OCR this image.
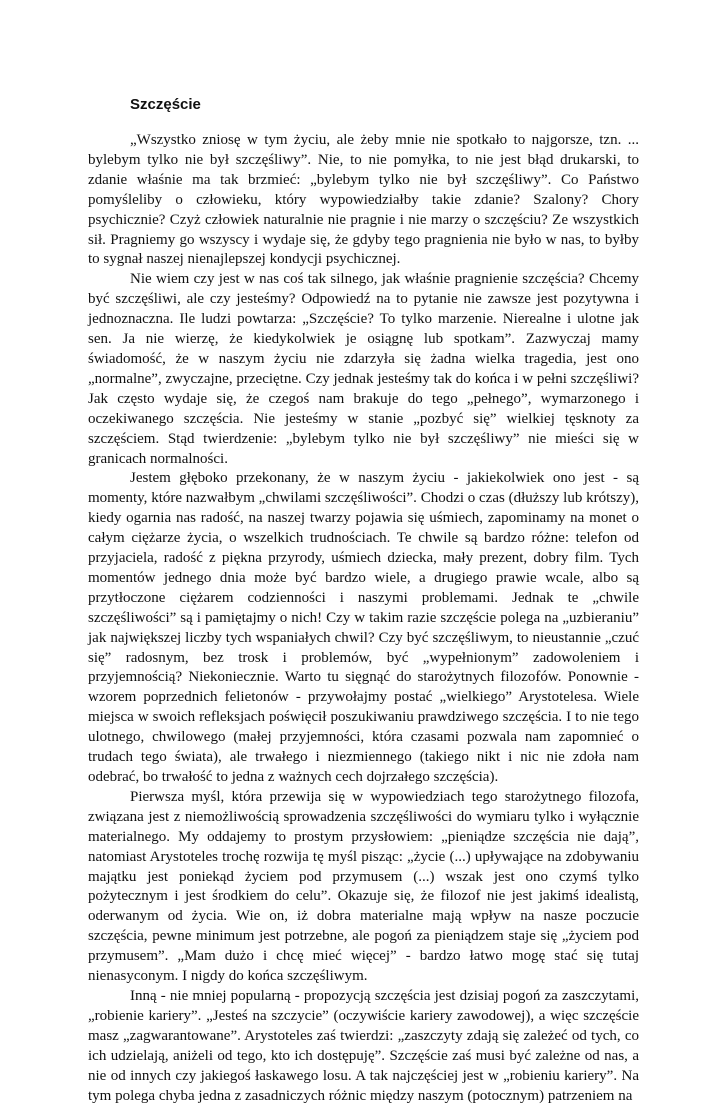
Szczęście

„Wszystko zniosę w tym życiu, ale żeby mnie nie spotkało to najgorsze, tzn. ... bylebym tylko nie był szczęśliwy”. Nie, to nie pomyłka, to nie jest błąd drukarski, to zdanie właśnie ma tak brzmieć: „bylebym tylko nie był szczęśliwy”. Co Państwo pomyśleliby o człowieku, który wypowiedziałby takie zdanie? Szalony? Chory psychicznie? Czyż człowiek naturalnie nie pragnie i nie marzy o szczęściu? Ze wszystkich sił. Pragniemy go wszyscy i wydaje się, że gdyby tego pragnienia nie było w nas, to byłby to sygnał naszej nienajlepszej kondycji psychicznej.

Nie wiem czy jest w nas coś tak silnego, jak właśnie pragnienie szczęścia? Chcemy być szczęśliwi, ale czy jesteśmy? Odpowiedź na to pytanie nie zawsze jest pozytywna i jednoznaczna. Ile ludzi powtarza: „Szczęście? To tylko marzenie. Nierealne i ulotne jak sen. Ja nie wierzę, że kiedykolwiek je osiągnę lub spotkam”. Zazwyczaj mamy świadomość, że w naszym życiu nie zdarzyła się żadna wielka tragedia, jest ono „normalne”, zwyczajne, przeciętne. Czy jednak jesteśmy tak do końca i w pełni szczęśliwi? Jak często wydaje się, że czegoś nam brakuje do tego „pełnego”, wymarzonego i oczekiwanego szczęścia. Nie jesteśmy w stanie „pozbyć się” wielkiej tęsknoty za szczęściem. Stąd twierdzenie: „bylebym tylko nie był szczęśliwy” nie mieści się w granicach normalności.

Jestem głęboko przekonany, że w naszym życiu - jakiekolwiek ono jest - są momenty, które nazwałbym „chwilami szczęśliwości”. Chodzi o czas (dłuższy lub krótszy), kiedy ogarnia nas radość, na naszej twarzy pojawia się uśmiech, zapominamy na monet o całym ciężarze życia, o wszelkich trudnościach. Te chwile są bardzo różne: telefon od przyjaciela, radość z piękna przyrody, uśmiech dziecka, mały prezent, dobry film. Tych momentów jednego dnia może być bardzo wiele, a drugiego prawie wcale, albo są przytłoczone ciężarem codzienności i naszymi problemami. Jednak te „chwile szczęśliwości” są i pamiętajmy o nich! Czy w takim razie szczęście polega na „uzbieraniu” jak największej liczby tych wspaniałych chwil? Czy być szczęśliwym, to nieustannie „czuć się” radosnym, bez trosk i problemów, być „wypełnionym” zadowoleniem i przyjemnością? Niekoniecznie. Warto tu sięgnąć do starożytnych filozofów. Ponownie - wzorem poprzednich felietonów - przywołajmy postać „wielkiego” Arystotelesa. Wiele miejsca w swoich refleksjach poświęcił poszukiwaniu prawdziwego szczęścia. I to nie tego ulotnego, chwilowego (małej przyjemności, która czasami pozwala nam zapomnieć o trudach tego świata), ale trwałego i niezmiennego (takiego nikt i nic nie zdoła nam odebrać, bo trwałość to jedna z ważnych cech dojrzałego szczęścia).

Pierwsza myśl, która przewija się w wypowiedziach tego starożytnego filozofa, związana jest z niemożliwością sprowadzenia szczęśliwości do wymiaru tylko i wyłącznie materialnego. My oddajemy to prostym przysłowiem: „pieniądze szczęścia nie dają”, natomiast Arystoteles trochę rozwija tę myśl pisząc: „życie (...) upływające na zdobywaniu majątku jest poniekąd życiem pod przymusem (...) wszak jest ono czymś tylko pożytecznym i jest środkiem do celu”. Okazuje się, że filozof nie jest jakimś idealistą, oderwanym od życia. Wie on, iż dobra materialne mają wpływ na nasze poczucie szczęścia, pewne minimum jest potrzebne, ale pogoń za pieniądzem staje się „życiem pod przymusem”. „Mam dużo i chcę mieć więcej” - bardzo łatwo mogę stać się tutaj nienasyconym. I nigdy do końca szczęśliwym.

Inną - nie mniej popularną - propozycją szczęścia jest dzisiaj pogoń za zaszczytami, „robienie kariery”. „Jesteś na szczycie” (oczywiście kariery zawodowej), a więc szczęście masz „zagwarantowane”. Arystoteles zaś twierdzi: „zaszczyty zdają się zależeć od tych, co ich udzielają, aniżeli od tego, kto ich dostępuję”. Szczęście zaś musi być zależne od nas, a nie od innych czy jakiegoś łaskawego losu. A tak najczęściej jest w „robieniu kariery”. Na tym polega chyba jedna z zasadniczych różnic między naszym (potocznym) patrzeniem na
